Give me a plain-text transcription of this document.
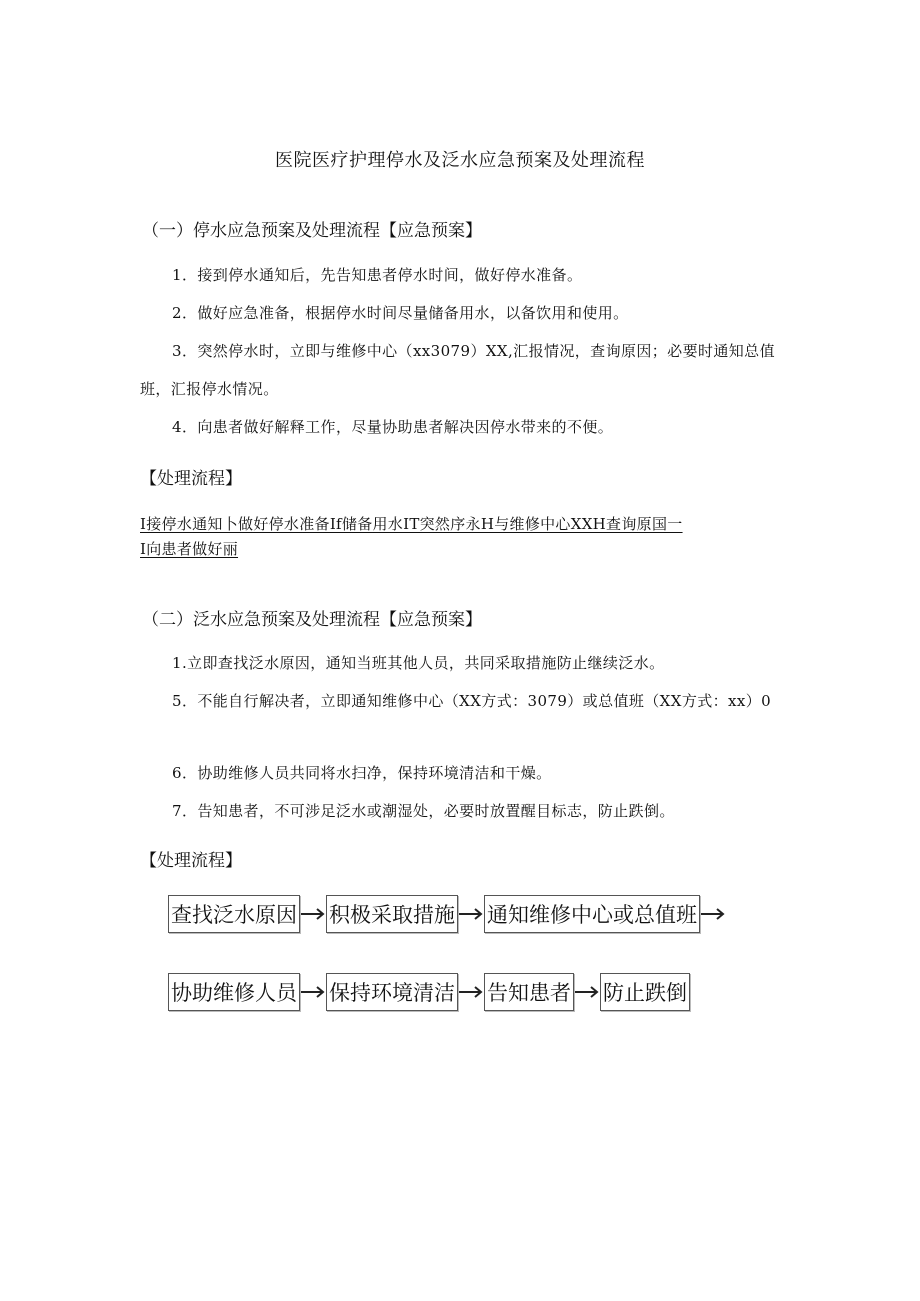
医院医疗护理停水及泛水应急预案及处理流程
（一）停水应急预案及处理流程【应急预案】
1．接到停水通知后，先告知患者停水时间，做好停水准备。
2．做好应急准备，根据停水时间尽量储备用水，以备饮用和使用。
3．突然停水时，立即与维修中心（xx3079）XX,汇报情况，查询原因；必要时通知总值班，汇报停水情况。
4．向患者做好解释工作，尽量协助患者解决因停水带来的不便。
【处理流程】
I接停水通知卜做好停水准备If储备用水IT突然序永H与维修中心XXH查询原国一
I向患者做好丽
（二）泛水应急预案及处理流程【应急预案】
1.立即查找泛水原因，通知当班其他人员，共同采取措施防止继续泛水。
5．不能自行解决者，立即通知维修中心（XX方式：3079）或总值班（XX方式：xx）0
6．协助维修人员共同将水扫净，保持环境清洁和干燥。
7．告知患者，不可涉足泛水或潮湿处，必要时放置醒目标志，防止跌倒。
【处理流程】
查找泛水原因 积极采取措施 通知维修中心或总值班
协助维修人员 保持环境清洁 告知患者 防止跌倒
